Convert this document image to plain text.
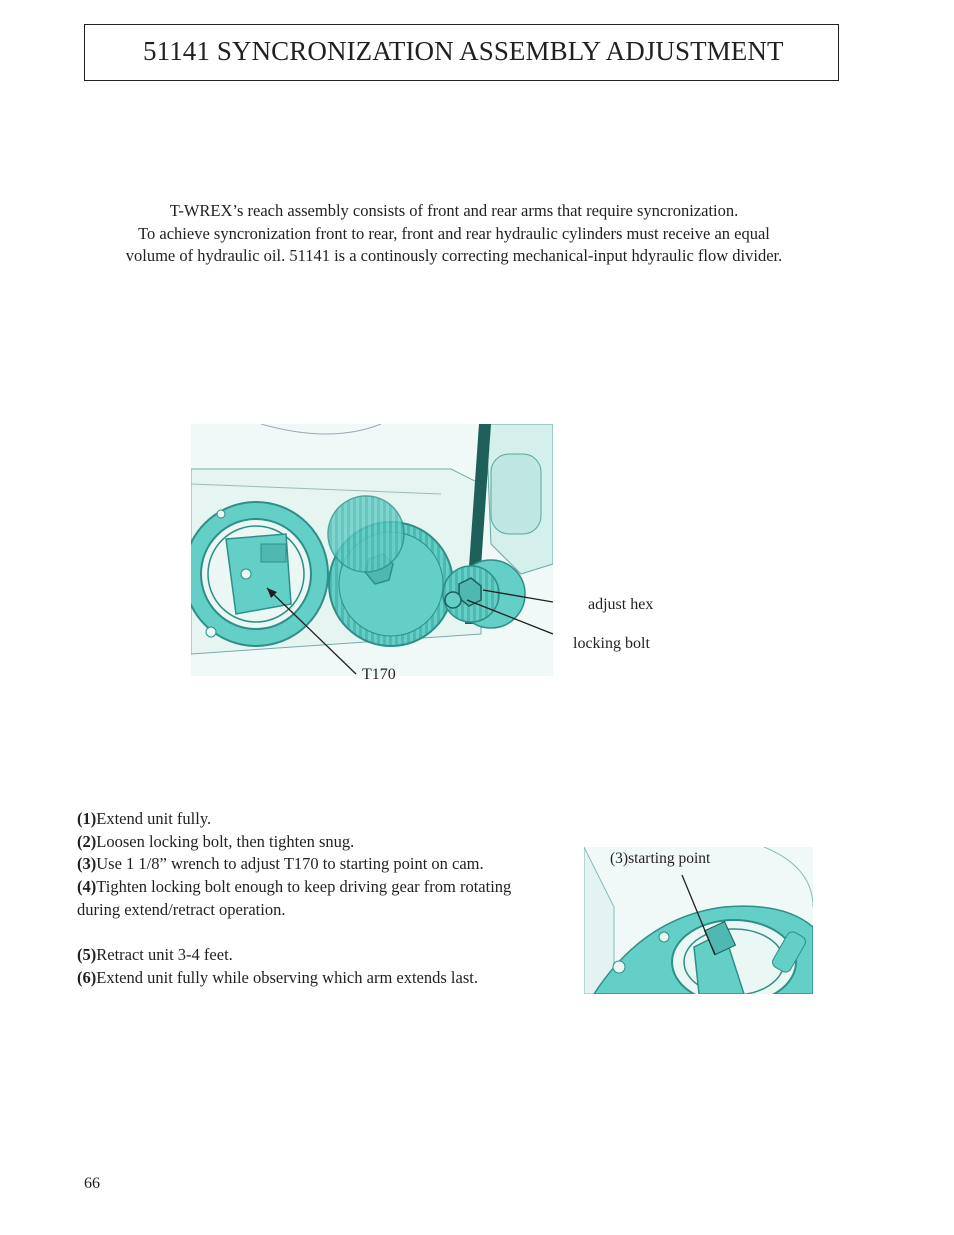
51141 SYNCRONIZATION ASSEMBLY ADJUSTMENT
T-WREX’s reach assembly consists of front and rear arms that require syncronization.
To achieve syncronization front to rear, front and rear hydraulic cylinders must receive an equal
volume of hydraulic oil. 51141 is a continously correcting mechanical-input hdyraulic flow divider.
adjust hex
locking bolt
T170
(1)Extend unit fully.
(2)Loosen locking bolt, then tighten snug.
(3)Use 1 1/8” wrench to adjust T170 to starting point on cam.
(4)Tighten locking bolt enough to keep driving gear from rotating
during extend/retract operation.
(5)Retract unit 3-4 feet.
(6)Extend unit fully while observing which arm extends last.
(3)starting point
66
